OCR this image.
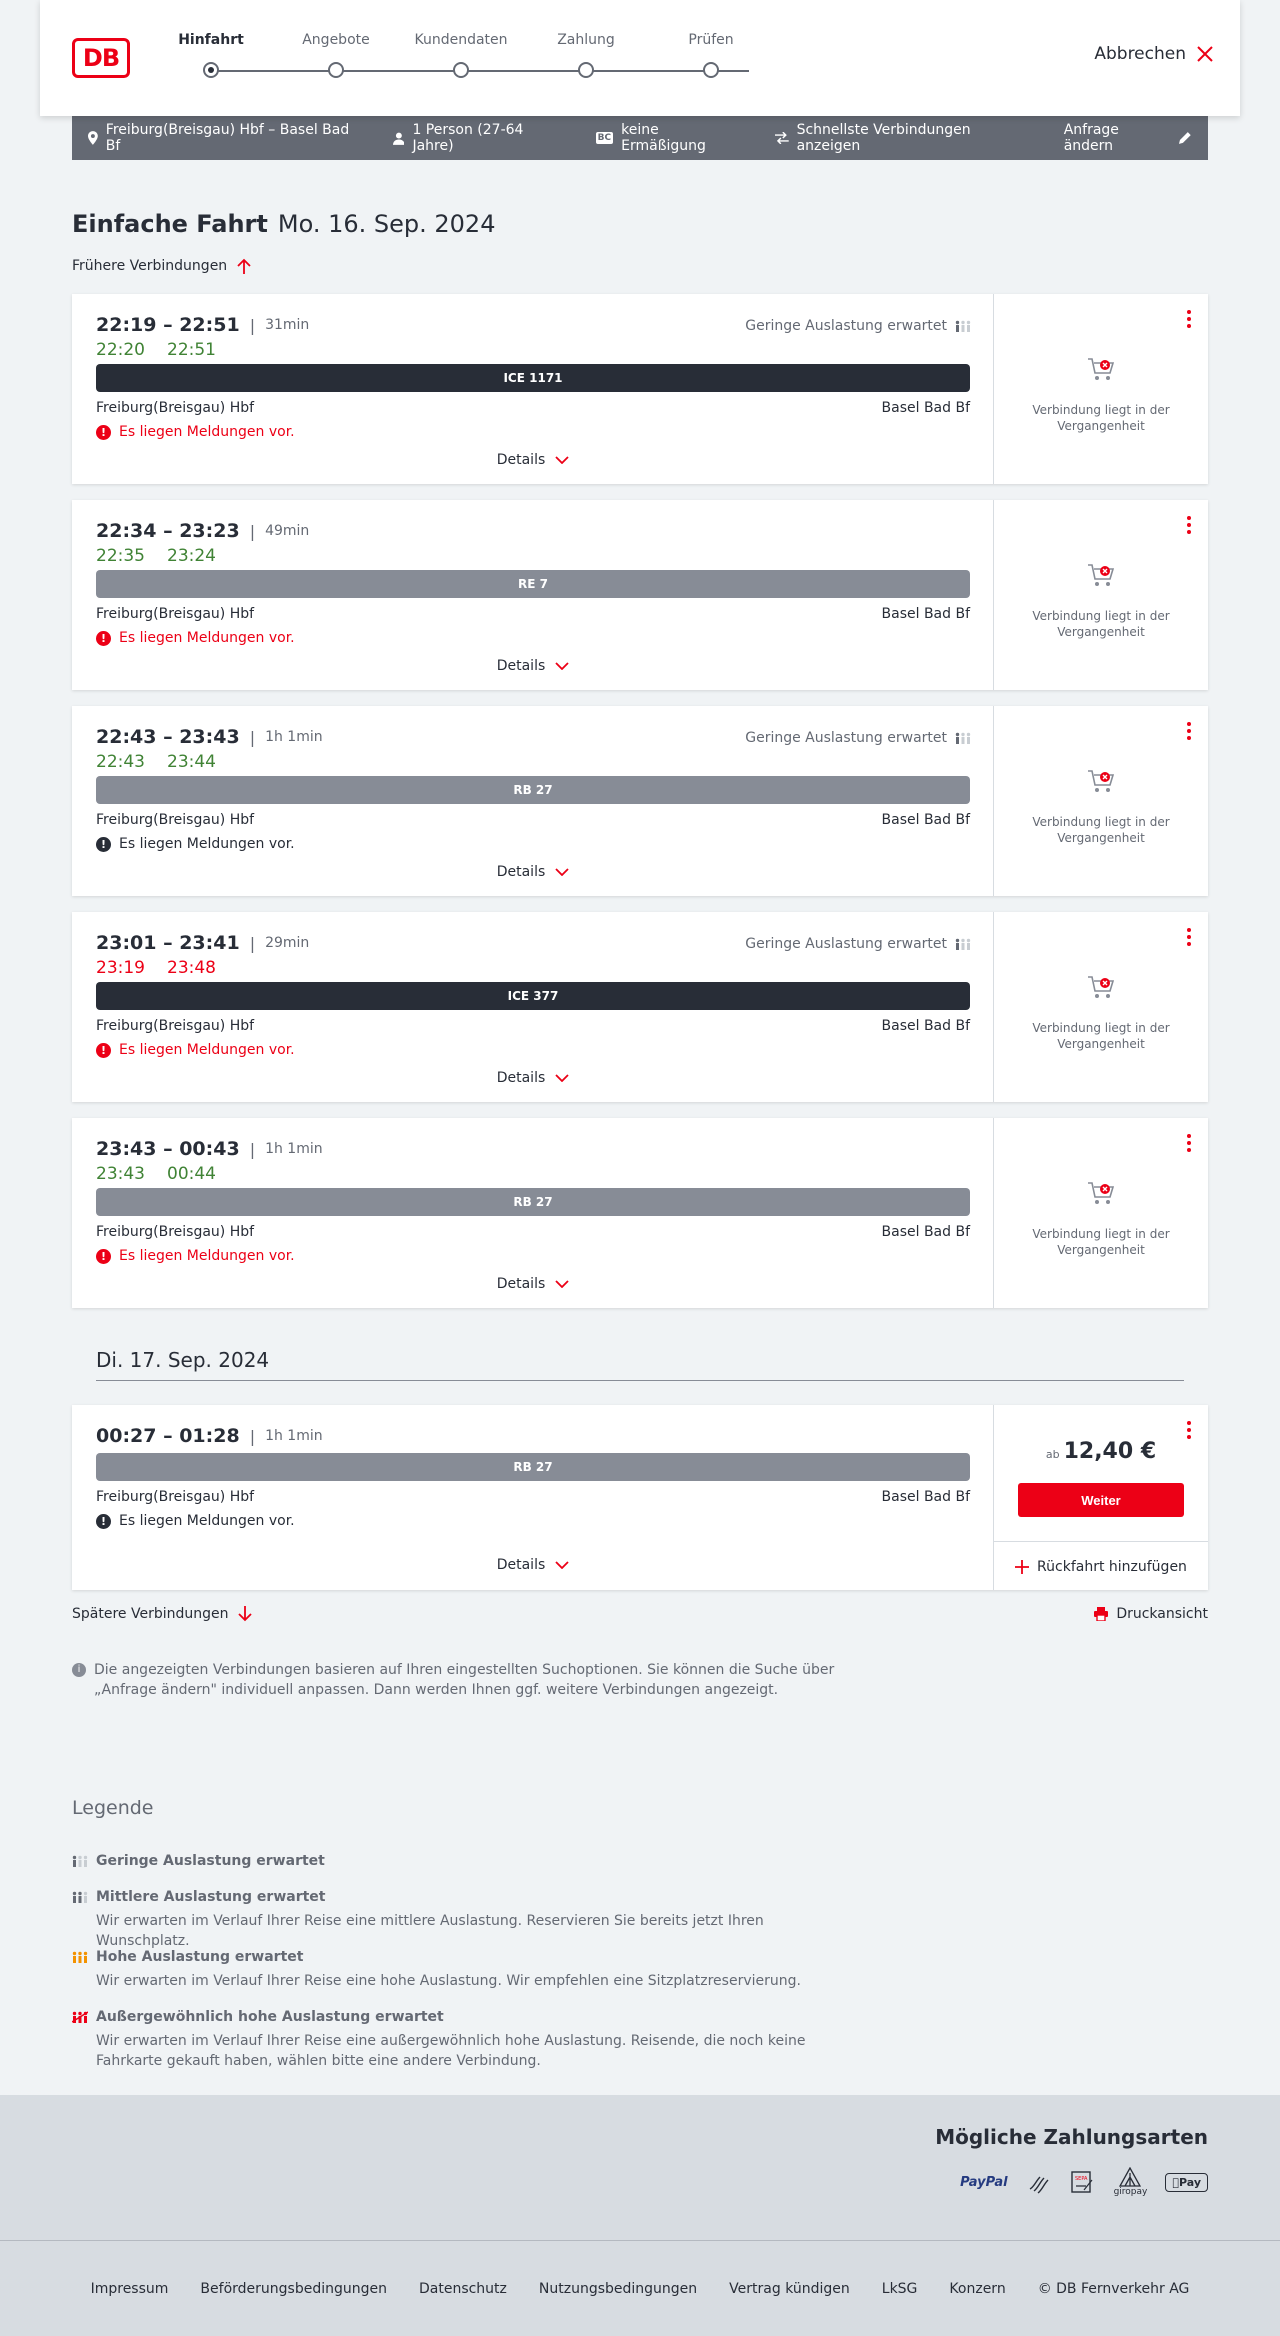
DB
Hinfahrt	Angebote	Kundendaten	Zahlung	Prüfen
Abbrechen
Freiburg(Breisgau) Hbf – Basel Bad Bf
1 Person (27-64 Jahre)	BC keine Ermäßigung
Schnellste Verbindungen anzeigen
Anfrage ändern
Einfache Fahrt Mo. 16. Sep. 2024
Frühere Verbindungen
22:19 – 22:51 | 31min
22:20 22:51
Geringe Auslastung erwartet
ICE 1171
Freiburg(Breisgau) Hbf	Basel Bad Bf
! Es liegen Meldungen vor.
Details
Verbindung liegt in der Vergangenheit
22:34 – 23:23 | 49min
22:35 23:24
RE 7
Freiburg(Breisgau) Hbf	Basel Bad Bf
! Es liegen Meldungen vor.
Details
Verbindung liegt in der Vergangenheit
22:43 – 23:43 | 1h 1min
22:43 23:44
Geringe Auslastung erwartet
RB 27
Freiburg(Breisgau) Hbf	Basel Bad Bf
! Es liegen Meldungen vor.
Details
Verbindung liegt in der Vergangenheit
23:01 – 23:41 | 29min
23:19 23:48
Geringe Auslastung erwartet
ICE 377
Freiburg(Breisgau) Hbf	Basel Bad Bf
! Es liegen Meldungen vor.
Details
Verbindung liegt in der Vergangenheit
23:43 – 00:43 | 1h 1min
23:43 00:44
RB 27
Freiburg(Breisgau) Hbf	Basel Bad Bf
! Es liegen Meldungen vor.
Details
Verbindung liegt in der Vergangenheit
Di. 17. Sep. 2024
00:27 – 01:28 | 1h 1min
RB 27
Freiburg(Breisgau) Hbf	Basel Bad Bf
! Es liegen Meldungen vor.
Details
ab 12,40 €
Weiter
Rückfahrt hinzufügen
Spätere Verbindungen	Druckansicht
i Die angezeigten Verbindungen basieren auf Ihren eingestellten Suchoptionen. Sie können die Suche über „Anfrage ändern" individuell anpassen. Dann werden Ihnen ggf. weitere Verbindungen angezeigt.
Legende
Geringe Auslastung erwartet
Mittlere Auslastung erwartet
Wir erwarten im Verlauf Ihrer Reise eine mittlere Auslastung. Reservieren Sie bereits jetzt Ihren Wunschplatz.
Hohe Auslastung erwartet
Wir erwarten im Verlauf Ihrer Reise eine hohe Auslastung. Wir empfehlen eine Sitzplatzreservierung.
Außergewöhnlich hohe Auslastung erwartet
Wir erwarten im Verlauf Ihrer Reise eine außergewöhnlich hohe Auslastung. Reisende, die noch keine Fahrkarte gekauft haben, wählen bitte eine andere Verbindung.
Mögliche Zahlungsarten
PayPal	SEPA
giropay
Pay
Impressum Beförderungsbedingungen Datenschutz Nutzungsbedingungen Vertrag kündigen LkSG Konzern © DB Fernverkehr AG
